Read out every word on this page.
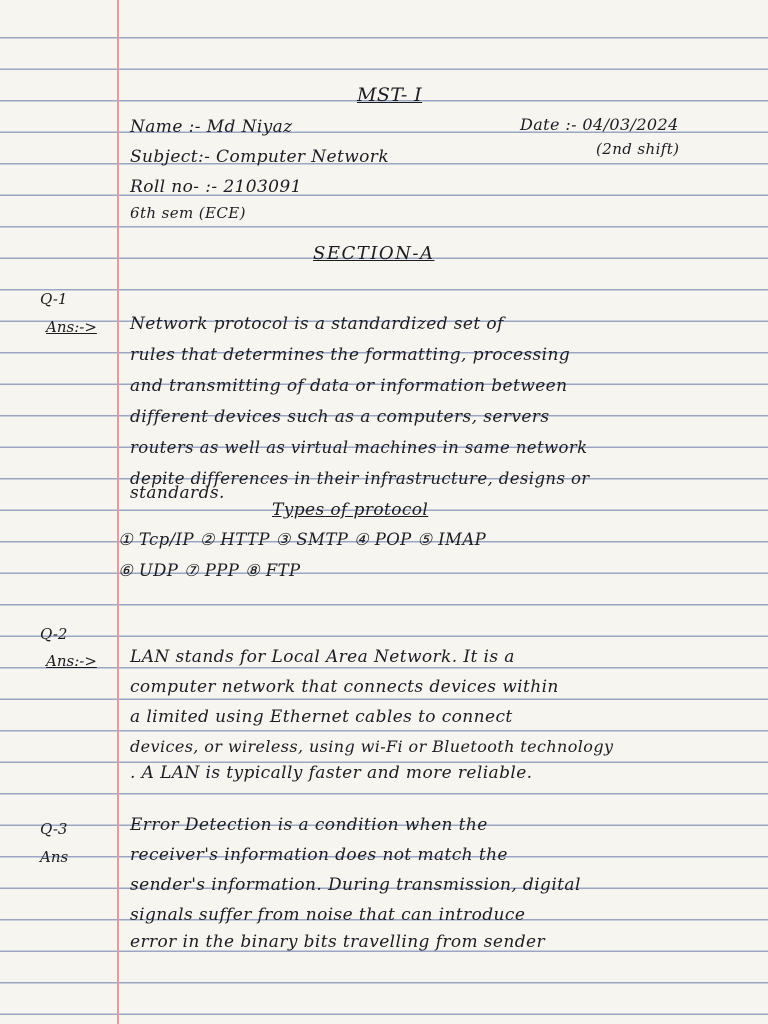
MST- I
Name :- Md Niyaz	Date :- 04/03/2024
(2nd shift)
Subject:- Computer Network
Roll no- :- 2103091
6th sem (ECE)
SECTION-A
Q-1
Ans:-> Network protocol is a standardized set of
rules that determines the formatting, processing
and transmitting of data or information between
different devices such as a computers, servers
routers as well as virtual machines in same network
depite differences in their infrastructure, designs or
standards.
Types of protocol
① Tcp/IP ② HTTP ③ SMTP ④ POP ⑤ IMAP
⑥ UDP ⑦ PPP ⑧ FTP
Q-2
Ans:-> LAN stands for Local Area Network. It is a
computer network that connects devices within
a limited using Ethernet cables to connect
devices, or wireless, using wi-Fi or Bluetooth technology
. A LAN is typically faster and more reliable.
Q-3
Ans
Error Detection is a condition when the
receiver's information does not match the
sender's information. During transmission, digital
signals suffer from noise that can introduce
error in the binary bits travelling from sender
